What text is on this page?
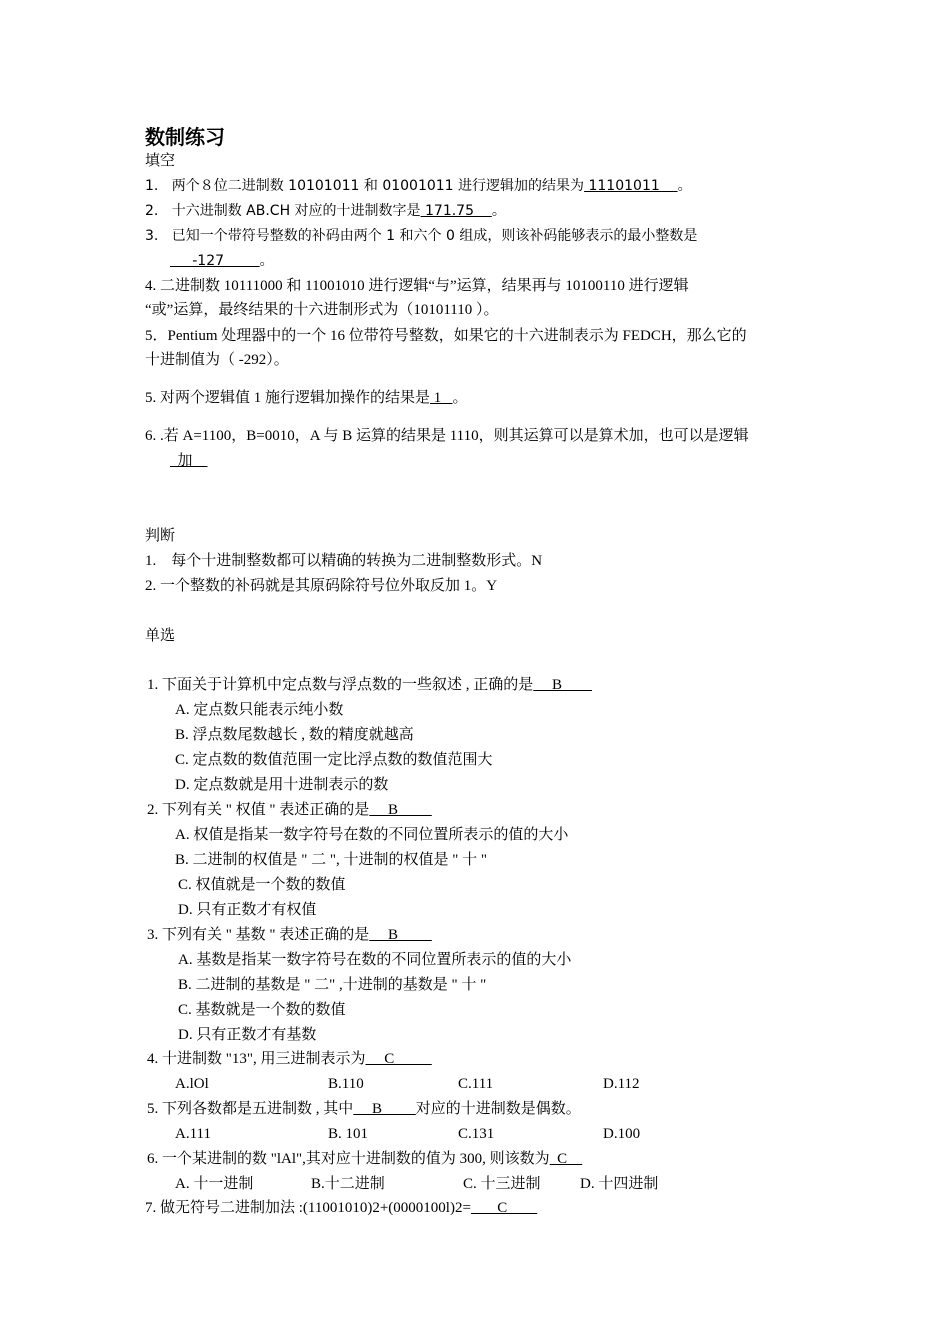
数制练习
填空
1. 两个８位二进制数 10101011 和 01001011 进行逻辑加的结果为 11101011    。
2. 十六进制数 AB.CH 对应的十进制数字是 171.75    。
3. 已知一个带符号整数的补码由两个 1 和六个 0 组成，则该补码能够表示的最小整数是
-127        。
4. 二进制数 10111000 和 11001010 进行逻辑“与”运算，结果再与 10100110 进行逻辑
“或”运算，最终结果的十六进制形式为（10101110 ）。
5．Pentium 处理器中的一个 16 位带符号整数，如果它的十六进制表示为 FEDCH，那么它的
十进制值为（ -292）。
5. 对两个逻辑值 1 施行逻辑加操作的结果是 1   。
6. .若 A=1100，B=0010，A 与 B 运算的结果是 1110，则其运算可以是算术加，也可以是逻辑
加
判断
1. 每个十进制整数都可以精确的转换为二进制整数形式。N
2. 一个整数的补码就是其原码除符号位外取反加 1。Y
单选
1. 下面关于计算机中定点数与浮点数的一些叙述 , 正确的是     B
A. 定点数只能表示纯小数
B. 浮点数尾数越长 , 数的精度就越高
C. 定点数的数值范围一定比浮点数的数值范围大
D. 定点数就是用十进制表示的数
2. 下列有关 " 权值 " 表述正确的是     B
A. 权值是指某一数字符号在数的不同位置所表示的值的大小
B. 二进制的权值是 " 二 ", 十进制的权值是 " 十 "
C. 权值就是一个数的数值
D. 只有正数才有权值
3. 下列有关 " 基数 " 表述正确的是     B
A. 基数是指某一数字符号在数的不同位置所表示的值的大小
B. 二进制的基数是 " 二" ,十进制的基数是 " 十 "
C. 基数就是一个数的数值
D. 只有正数才有基数
4. 十进制数 "13", 用三进制表示为     C
A.lOl	B.110	C.111	D.112
5. 下列各数都是五进制数 , 其中     B         对应的十进制数是偶数。
A.111	B. 101	C.131	D.100
6. 一个某进制的数 "lAl",其对应十进制数的值为 300, 则该数为  C
A. 十一进制	B.十二进制	C. 十三进制	D. 十四进制
7. 做无符号二进制加法 :(11001010)2+(0000100l)2=       C
